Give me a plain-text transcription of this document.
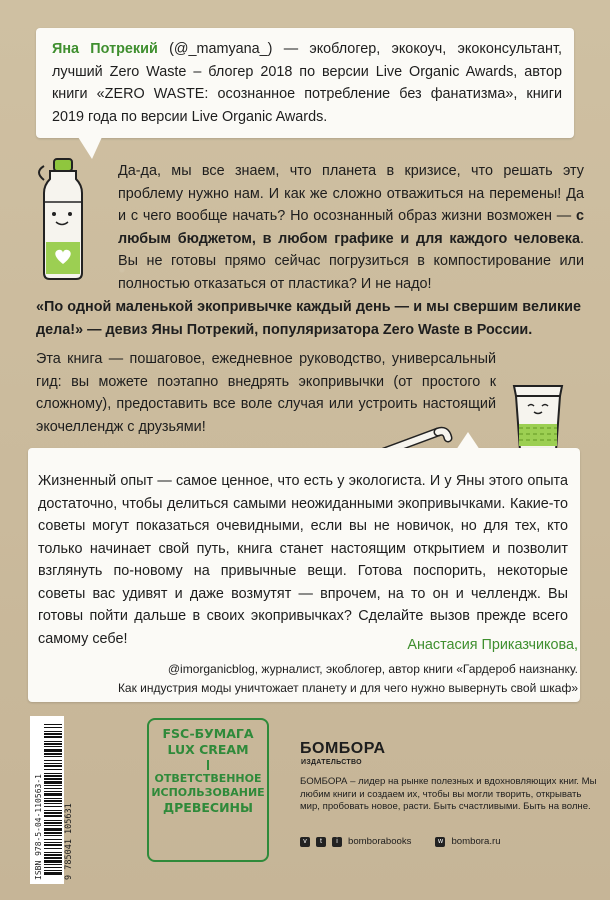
Яна Потрекий (@_mamyana_) — экоблогер, экокоуч, экоконсультант, лучший Zero Waste – блогер 2018 по версии Live Organic Awards, автор книги «ZERO WASTE: осознанное потребление без фанатизма», книги 2019 года по версии Live Organic Awards.
Да-да, мы все знаем, что планета в кризисе, что решать эту проблему нужно нам. И как же сложно отважиться на перемены! Да и с чего вообще начать? Но осознанный образ жизни возможен — с любым бюджетом, в любом графике и для каждого человека. Вы не готовы прямо сейчас погрузиться в компостирование или полностью отказаться от пластика? И не надо!
«По одной маленькой экопривычке каждый день — и мы свершим великие дела!» — девиз Яны Потрекий, популяризатора Zero Waste в России.
Эта книга — пошаговое, ежедневное руководство, универсальный гид: вы можете поэтапно внедрять экопривычки (от простого к сложному), предоставить все воле случая или устроить настоящий экочеллендж с друзьями!
Жизненный опыт — самое ценное, что есть у экологиста. И у Яны этого опыта достаточно, чтобы делиться самыми неожиданными экопривычками. Какие-то советы могут показаться очевидными, если вы не новичок, но для тех, кто только начинает свой путь, книга станет настоящим открытием и позволит взглянуть по-новому на привычные вещи. Готова поспорить, некоторые советы вас удивят и даже возмутят — впрочем, на то он и челлендж. Вы готовы пойти дальше в своих экопривычках? Сделайте вызов прежде всего самому себе!	Анастасия Приказчикова,
@imorganicblog, журналист, экоблогер, автор книги «Гардероб наизнанку.
Как индустрия моды уничтожает планету и для чего нужно вывернуть свой шкаф»
ISBN 978-5-04-110563-1 9 785041 105631
FSC-БУМАГА
LUX CREAM
ОТВЕТСТВЕННОЕ
ИСПОЛЬЗОВАНИЕ
ДРЕВЕСИНЫ
БОМБОРА
ИЗДАТЕЛЬСТВО
БОМБОРА – лидер на рынке полезных и вдохновляющих книг. Мы любим книги и создаем их, чтобы вы могли творить, открывать мир, пробовать новое, расти. Быть счастливыми. Быть на волне.
v	t	i	bomborabooks	w bombora.ru
